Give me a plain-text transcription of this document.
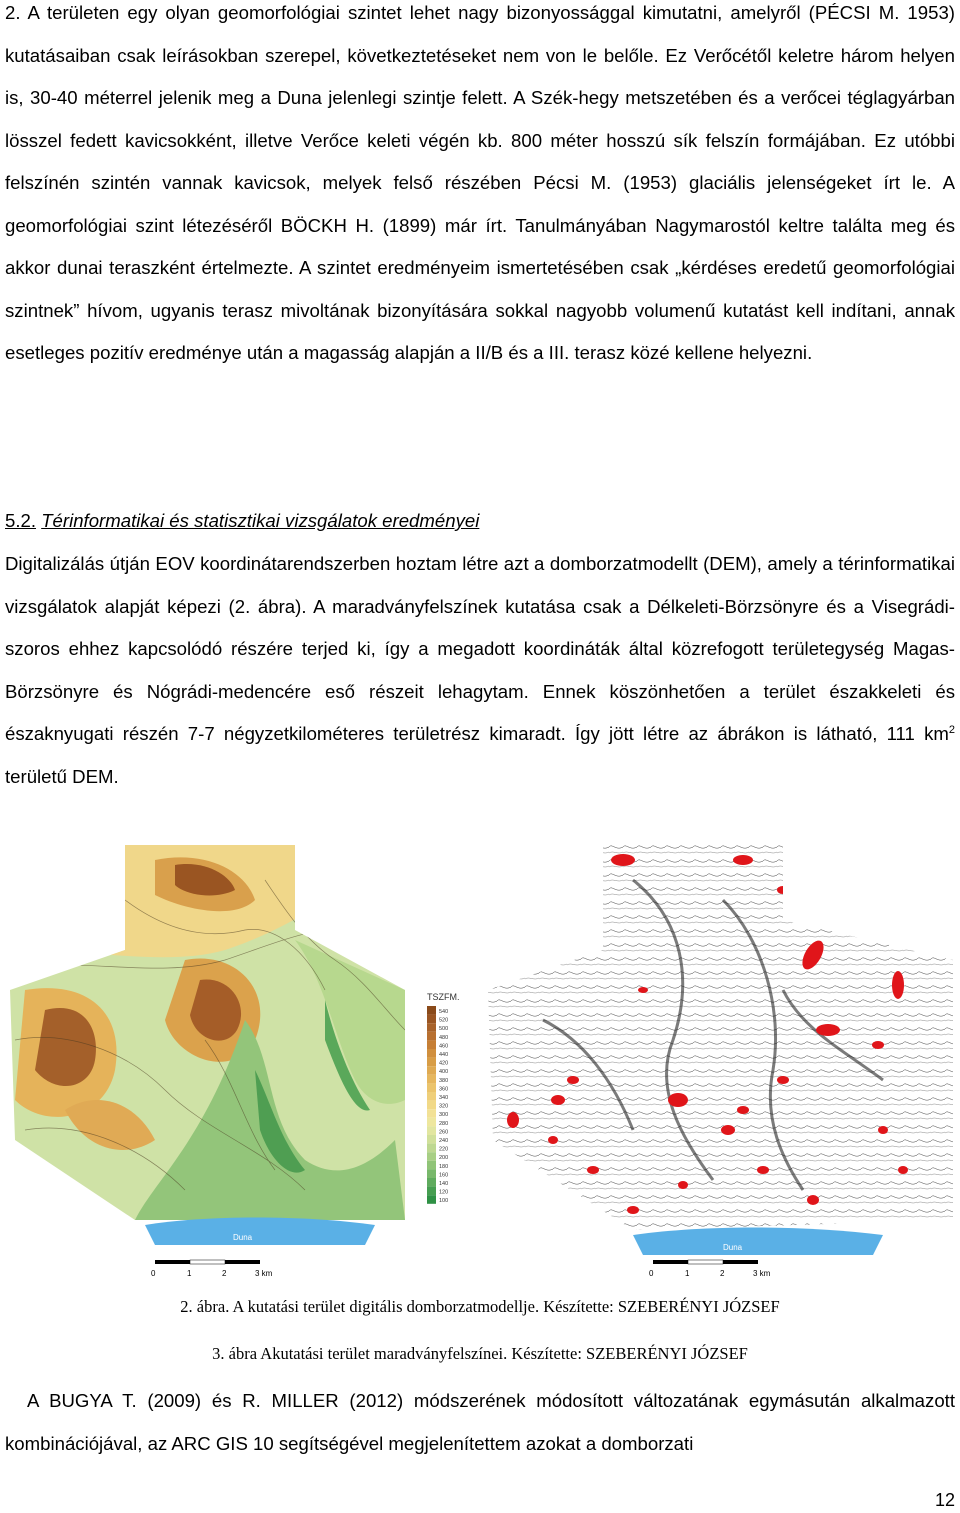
2. A területen egy olyan geomorfológiai szintet lehet nagy bizonyossággal kimutatni, amelyről (PÉCSI M. 1953) kutatásaiban csak leírásokban szerepel, következtetéseket nem von le belőle. Ez Verőcétől keletre három helyen is, 30-40 méterrel jelenik meg a Duna jelenlegi szintje felett. A Szék-hegy metszetében és a verőcei téglagyárban lösszel fedett kavicsokként, illetve Verőce keleti végén kb. 800 méter hosszú sík felszín formájában. Ez utóbbi felszínén szintén vannak kavicsok, melyek felső részében Pécsi M. (1953) glaciális jelenségeket írt le. A geomorfológiai szint létezéséről BÖCKH H. (1899) már írt. Tanulmányában Nagymarostól keltre találta meg és akkor dunai teraszként értelmezte. A szintet eredményeim ismertetésében csak „kérdéses eredetű geomorfológiai szintnek” hívom, ugyanis terasz mivoltának bizonyítására sokkal nagyobb volumenű kutatást kell indítani, annak esetleges pozitív eredménye után a magasság alapján a II/B és a III. terasz közé kellene helyezni.

5.2. Térinformatikai és statisztikai vizsgálatok eredményei

Digitalizálás útján EOV koordinátarendszerben hoztam létre azt a domborzatmodellt (DEM), amely a térinformatikai vizsgálatok alapját képezi (2. ábra). A maradványfelszínek kutatása csak a Délkeleti-Börzsönyre és a Visegrádi-szoros ehhez kapcsolódó részére terjed ki, így a megadott koordináták által közrefogott területegység Magas-Börzsönyre és Nógrádi-medencére eső részeit lehagytam. Ennek köszönhetően a terület északkeleti és északnyugati részén 7-7 négyzetkilométeres területrész kimaradt. Így jött létre az ábrákon is látható, 111 $km^2$ területű DEM.

TSZFM.
540
520
500
480
460
440
420
400
380
360
340
320
300
280
260
240
220
200
180
160
140
120
100
Duna
0	1	2	3 km
Duna
0	1	2	3 km

2. ábra. A kutatási terület digitális domborzatmodellje. Készítette: SZEBERÉNYI JÓZSEF

3. ábra Akutatási terület maradványfelszínei. Készítette: SZEBERÉNYI JÓZSEF

A BUGYA T. (2009) és R. MILLER (2012) módszerének módosított változatának egymásután alkalmazott kombinációjával, az ARC GIS 10 segítségével megjelenítettem azokat a domborzati

12
